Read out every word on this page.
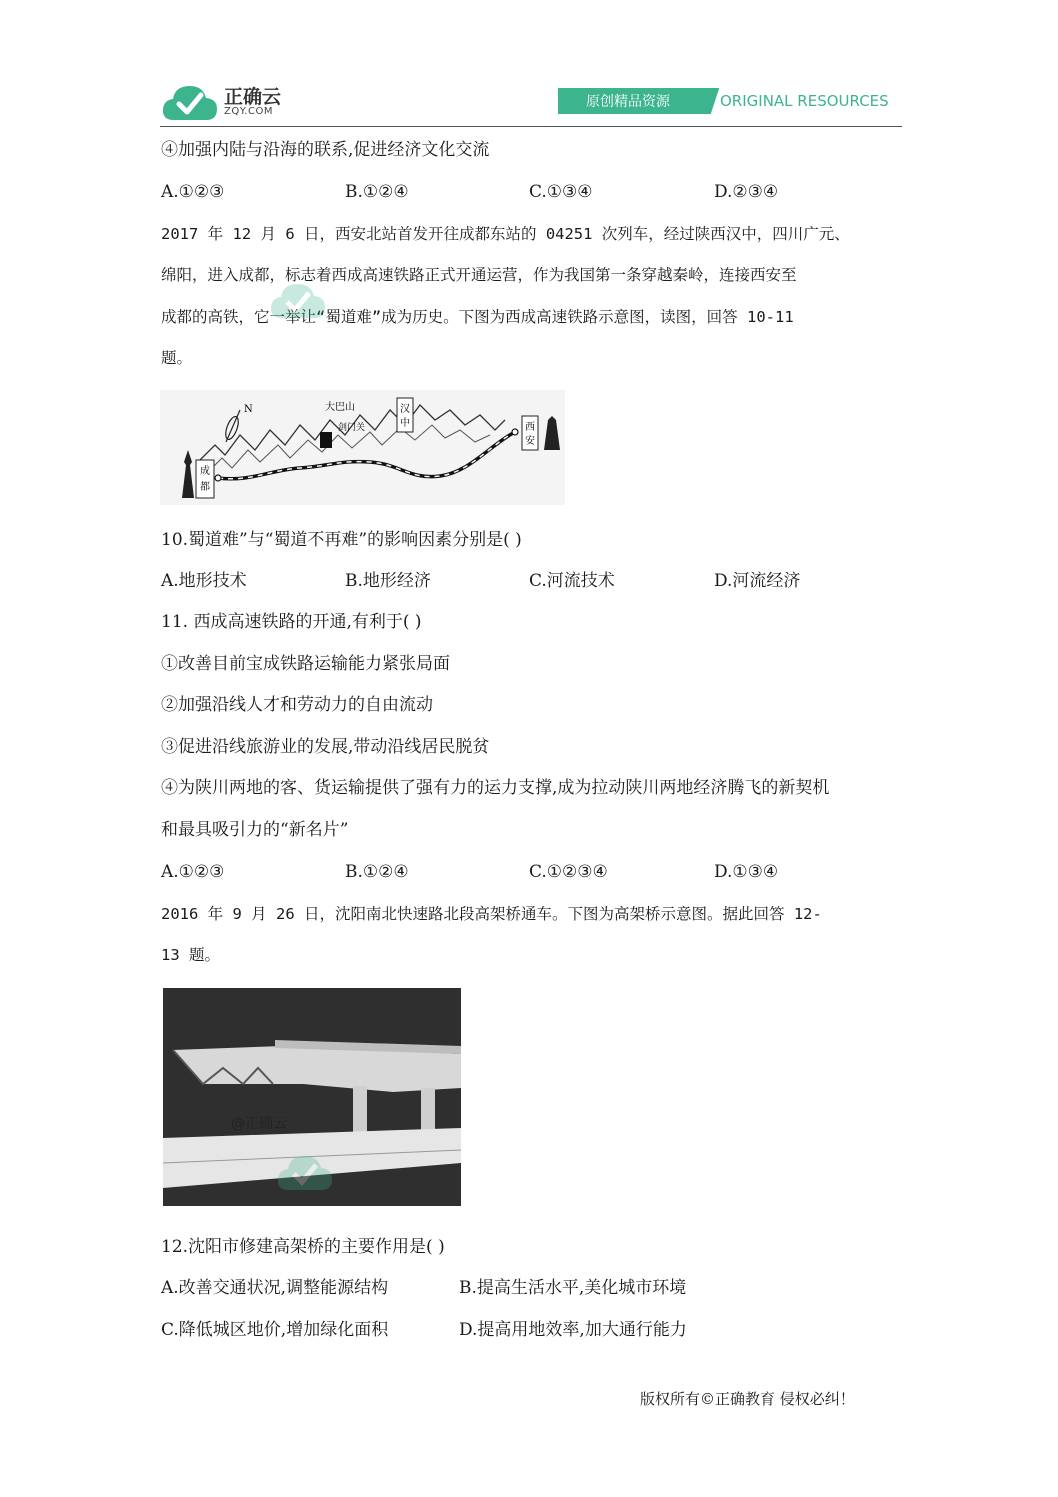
正确云
ZQY.COM
原创精品资源	ORIGINAL RESOURCES
④加强内陆与沿海的联系,促进经济文化交流
A.①②③	B.①②④	C.①③④	D.②③④
2017 年 12 月 6 日，西安北站首发开往成都东站的 04251 次列车，经过陕西汉中，四川广元、
绵阳，进入成都，标志着西成高速铁路正式开通运营，作为我国第一条穿越秦岭，连接西安至
成都的高铁，它一举让“蜀道难”成为历史。下图为西成高速铁路示意图，读图，回答 10-11
题。
N
成
都
大巴山
剑门关
汉
中	西
安
10.蜀道难”与“蜀道不再难”的影响因素分别是( )
A.地形技术	B.地形经济	C.河流技术	D.河流经济
11. 西成高速铁路的开通,有利于( )
①改善目前宝成铁路运输能力紧张局面
②加强沿线人才和劳动力的自由流动
③促进沿线旅游业的发展,带动沿线居民脱贫
④为陕川两地的客、货运输提供了强有力的运力支撑,成为拉动陕川两地经济腾飞的新契机
和最具吸引力的“新名片”
A.①②③	B.①②④	C.①②③④	D.①③④
2016 年 9 月 26 日，沈阳南北快速路北段高架桥通车。下图为高架桥示意图。据此回答 12-
13 题。
@正确云
12.沈阳市修建高架桥的主要作用是( )
A.改善交通状况,调整能源结构	B.提高生活水平,美化城市环境
C.降低城区地价,增加绿化面积	D.提高用地效率,加大通行能力
版权所有©正确教育 侵权必纠！
